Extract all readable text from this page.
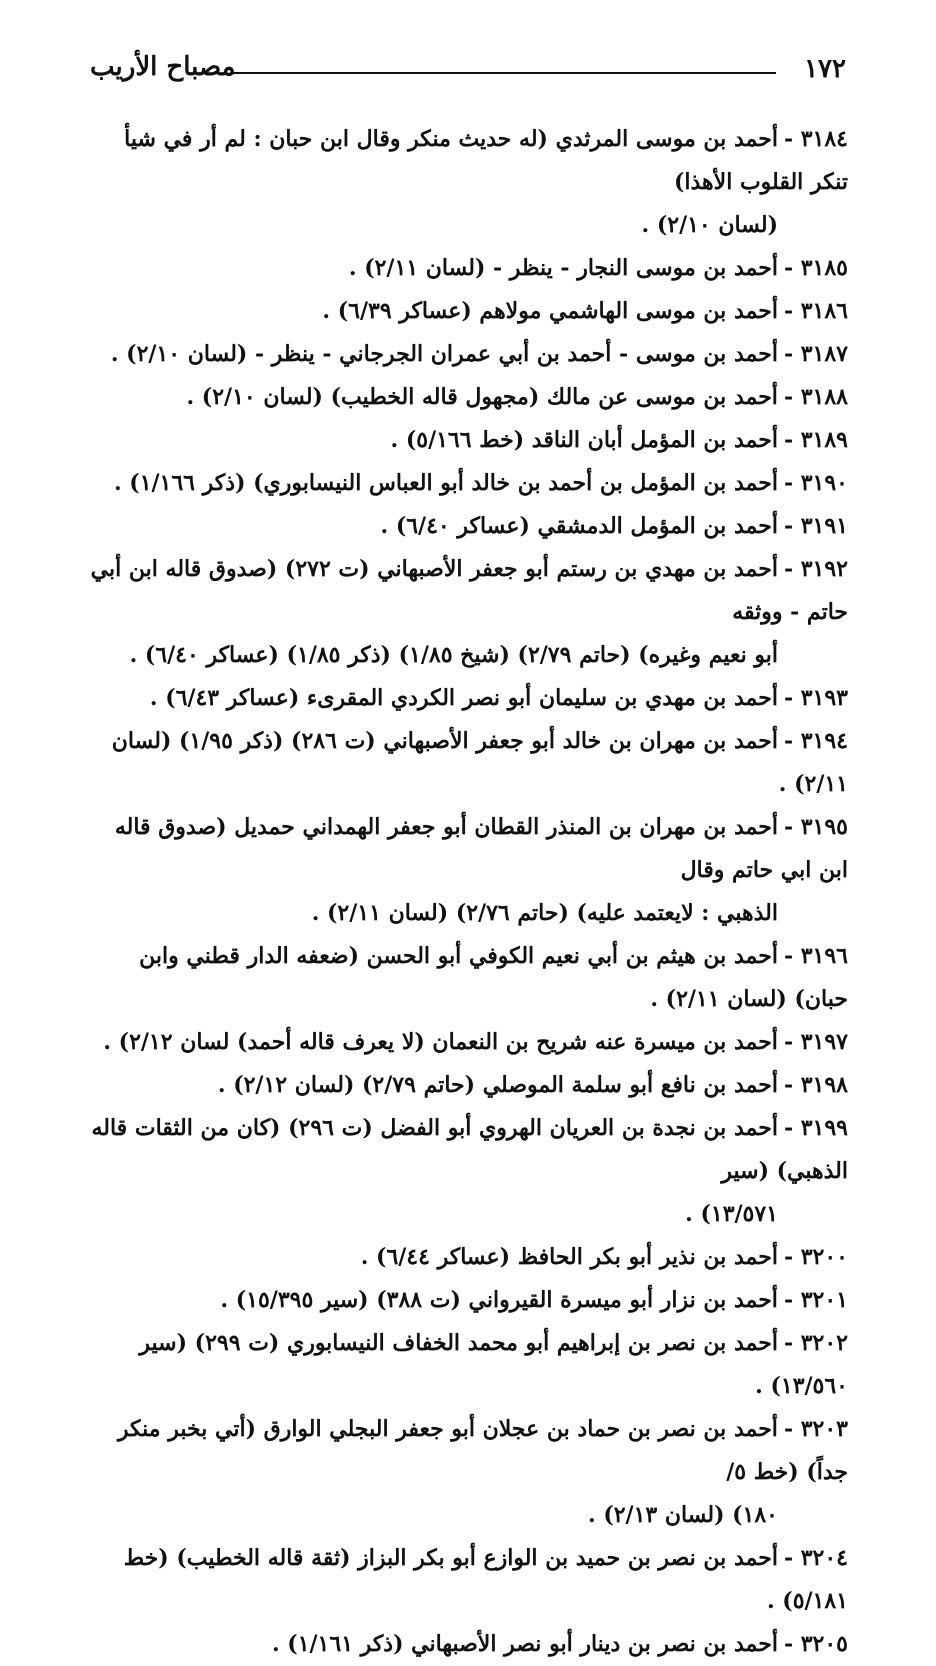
١٧٢
مصباح الأريب

٣١٨٤ -أحمد بن موسى المرثدي (له حديث منكر وقال ابن حبان : لم أر في شيأ تنكر القلوب الأهذا)
(لسان ٢/١٠) .

٣١٨٥ -أحمد بن موسى النجار - ينظر - (لسان ٢/١١) .

٣١٨٦ -أحمد بن موسى الهاشمي مولاهم (عساكر ٦/٣٩) .

٣١٨٧ -أحمد بن موسى - أحمد بن أبي عمران الجرجاني - ينظر - (لسان ٢/١٠) .

٣١٨٨ -أحمد بن موسى عن مالك (مجهول قاله الخطيب) (لسان ٢/١٠) .

٣١٨٩ -أحمد بن المؤمل أبان الناقد (خط ٥/١٦٦) .

٣١٩٠ -أحمد بن المؤمل بن أحمد بن خالد أبو العباس النيسابوري) (ذكر ١/١٦٦) .

٣١٩١ -أحمد بن المؤمل الدمشقي (عساكر ٦/٤٠) .

٣١٩٢ -أحمد بن مهدي بن رستم أبو جعفر الأصبهاني (ت ٢٧٢) (صدوق قاله ابن أبي حاتم - ووثقه
أبو نعيم وغيره) (حاتم ٢/٧٩) (شيخ ١/٨٥) (ذكر ١/٨٥) (عساكر ٦/٤٠) .

٣١٩٣ -أحمد بن مهدي بن سليمان أبو نصر الكردي المقرىء (عساكر ٦/٤٣) .

٣١٩٤ -أحمد بن مهران بن خالد أبو جعفر الأصبهاني (ت ٢٨٦) (ذكر ١/٩٥) (لسان ٢/١١) .

٣١٩٥ -أحمد بن مهران بن المنذر القطان أبو جعفر الهمداني حمديل (صدوق قاله ابن ابي حاتم وقال
الذهبي : لايعتمد عليه) (حاتم ٢/٧٦) (لسان ٢/١١) .

٣١٩٦ -أحمد بن هيثم بن أبي نعيم الكوفي أبو الحسن (ضعفه الدار قطني وابن حبان) (لسان ٢/١١) .

٣١٩٧ -أحمد بن ميسرة عنه شريح بن النعمان (لا يعرف قاله أحمد) لسان ٢/١٢) .

٣١٩٨ -أحمد بن نافع أبو سلمة الموصلي (حاتم ٢/٧٩) (لسان ٢/١٢) .

٣١٩٩ -أحمد بن نجدة بن العريان الهروي أبو الفضل (ت ٢٩٦) (كان من الثقات قاله الذهبي) (سير
١٣/٥٧١) .

٣٢٠٠ -أحمد بن نذير أبو بكر الحافظ (عساكر ٦/٤٤) .

٣٢٠١ -أحمد بن نزار أبو ميسرة القيرواني (ت ٣٨٨) (سير ١٥/٣٩٥) .

٣٢٠٢ -أحمد بن نصر بن إبراهيم أبو محمد الخفاف النيسابوري (ت ٢٩٩) (سير ١٣/٥٦٠) .

٣٢٠٣ -أحمد بن نصر بن حماد بن عجلان أبو جعفر البجلي الوارق (أتي بخبر منكر جداً) (خط ٥/
١٨٠) (لسان ٢/١٣) .

٣٢٠٤ -أحمد بن نصر بن حميد بن الوازع أبو بكر البزاز (ثقة قاله الخطيب) (خط ٥/١٨١) .

٣٢٠٥ -أحمد بن نصر بن دينار أبو نصر الأصبهاني (ذكر ١/١٦١) .
